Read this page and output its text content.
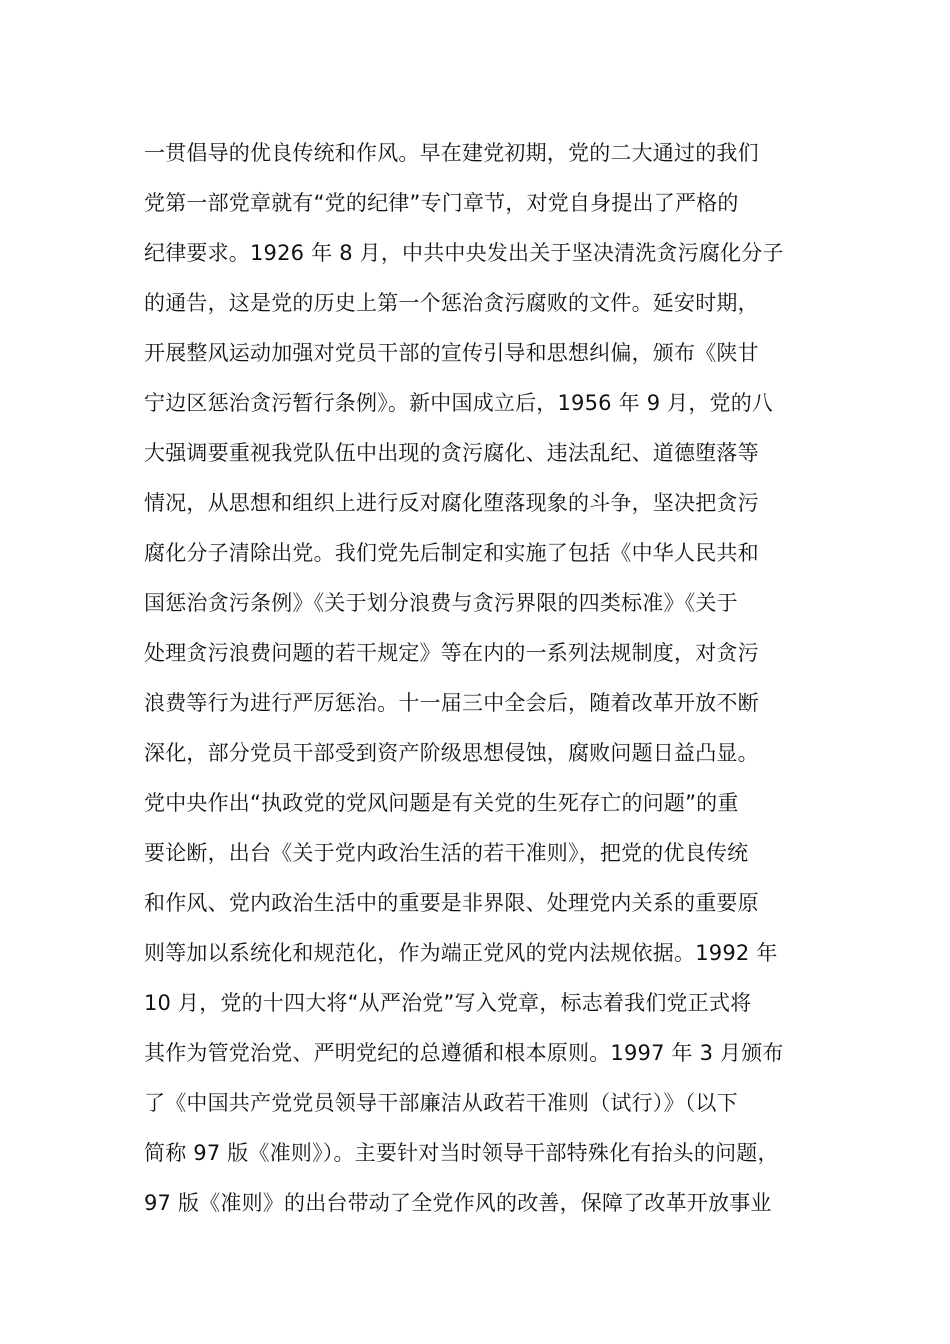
一贯倡导的优良传统和作风。早在建党初期，党的二大通过的我们
党第一部党章就有“党的纪律”专门章节，对党自身提出了严格的
纪律要求。1926 年 8 月，中共中央发出关于坚决清洗贪污腐化分子
的通告，这是党的历史上第一个惩治贪污腐败的文件。延安时期，
开展整风运动加强对党员干部的宣传引导和思想纠偏，颁布《陕甘
宁边区惩治贪污暂行条例》。新中国成立后，1956 年 9 月，党的八
大强调要重视我党队伍中出现的贪污腐化、违法乱纪、道德堕落等
情况，从思想和组织上进行反对腐化堕落现象的斗争，坚决把贪污
腐化分子清除出党。我们党先后制定和实施了包括《中华人民共和
国惩治贪污条例》《关于划分浪费与贪污界限的四类标准》《关于
处理贪污浪费问题的若干规定》等在内的一系列法规制度，对贪污
浪费等行为进行严厉惩治。十一届三中全会后，随着改革开放不断
深化，部分党员干部受到资产阶级思想侵蚀，腐败问题日益凸显。
党中央作出“执政党的党风问题是有关党的生死存亡的问题”的重
要论断，出台《关于党内政治生活的若干准则》，把党的优良传统
和作风、党内政治生活中的重要是非界限、处理党内关系的重要原
则等加以系统化和规范化，作为端正党风的党内法规依据。1992 年
10 月，党的十四大将“从严治党”写入党章，标志着我们党正式将
其作为管党治党、严明党纪的总遵循和根本原则。1997 年 3 月颁布
了《中国共产党党员领导干部廉洁从政若干准则（试行）》（以下
简称 97 版《准则》）。主要针对当时领导干部特殊化有抬头的问题，
97 版《准则》的出台带动了全党作风的改善，保障了改革开放事业
